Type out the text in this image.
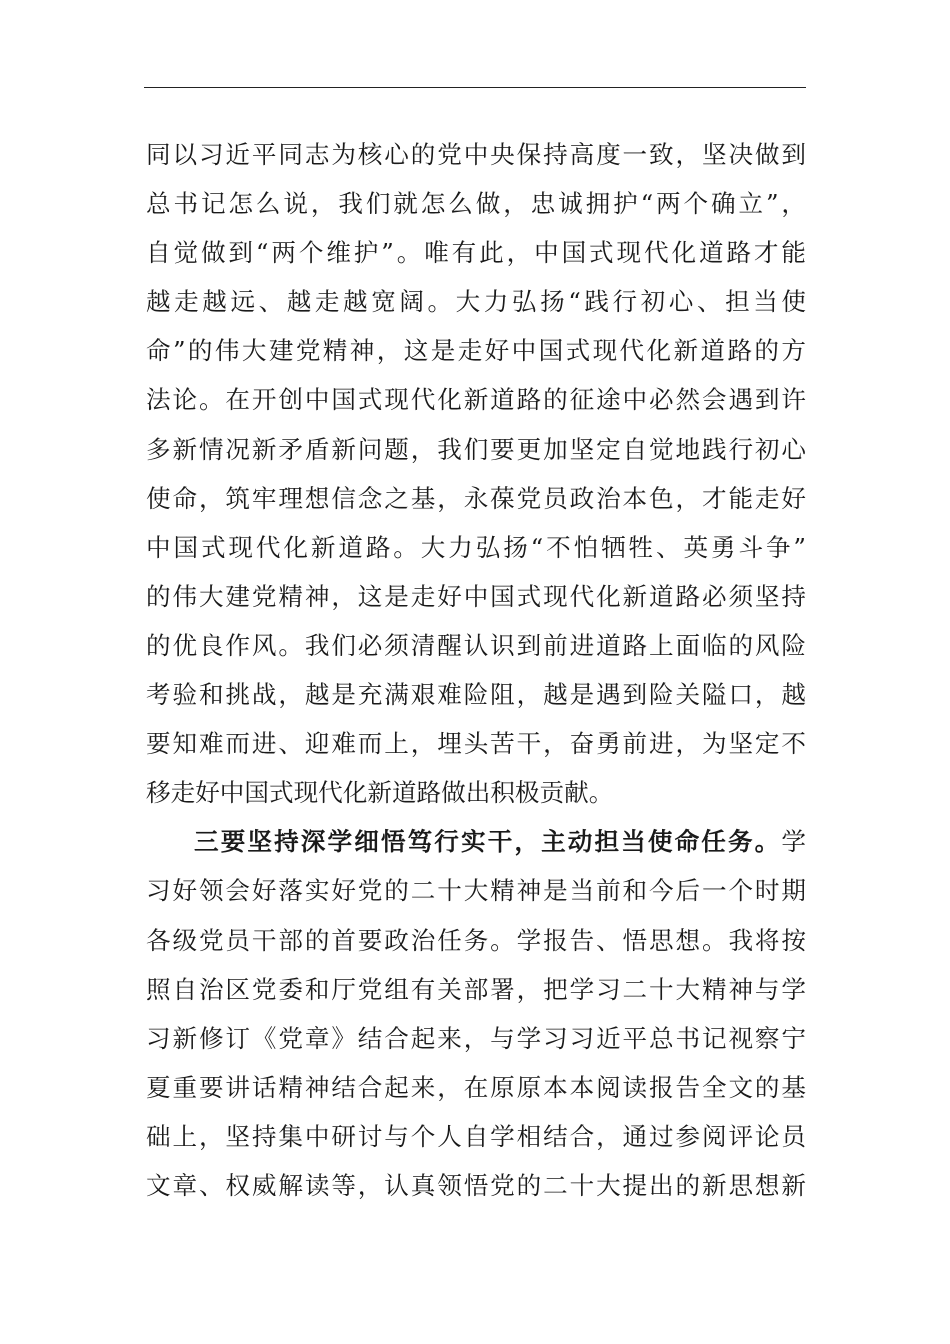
同以习近平同志为核心的党中央保持高度一致，坚决做到
总书记怎么说，我们就怎么做，忠诚拥护“两个确立”，
自觉做到“两个维护”。唯有此，中国式现代化道路才能
越走越远、越走越宽阔。大力弘扬“践行初心、担当使
命”的伟大建党精神，这是走好中国式现代化新道路的方
法论。在开创中国式现代化新道路的征途中必然会遇到许
多新情况新矛盾新问题，我们要更加坚定自觉地践行初心
使命，筑牢理想信念之基，永葆党员政治本色，才能走好
中国式现代化新道路。大力弘扬“不怕牺牲、英勇斗争”
的伟大建党精神，这是走好中国式现代化新道路必须坚持
的优良作风。我们必须清醒认识到前进道路上面临的风险
考验和挑战，越是充满艰难险阻，越是遇到险关隘口，越
要知难而进、迎难而上，埋头苦干，奋勇前进，为坚定不
移走好中国式现代化新道路做出积极贡献。
三要坚持深学细悟笃行实干，主动担当使命任务。学
习好领会好落实好党的二十大精神是当前和今后一个时期
各级党员干部的首要政治任务。学报告、悟思想。我将按
照自治区党委和厅党组有关部署，把学习二十大精神与学
习新修订《党章》结合起来，与学习习近平总书记视察宁
夏重要讲话精神结合起来，在原原本本阅读报告全文的基
础上，坚持集中研讨与个人自学相结合，通过参阅评论员
文章、权威解读等，认真领悟党的二十大提出的新思想新
